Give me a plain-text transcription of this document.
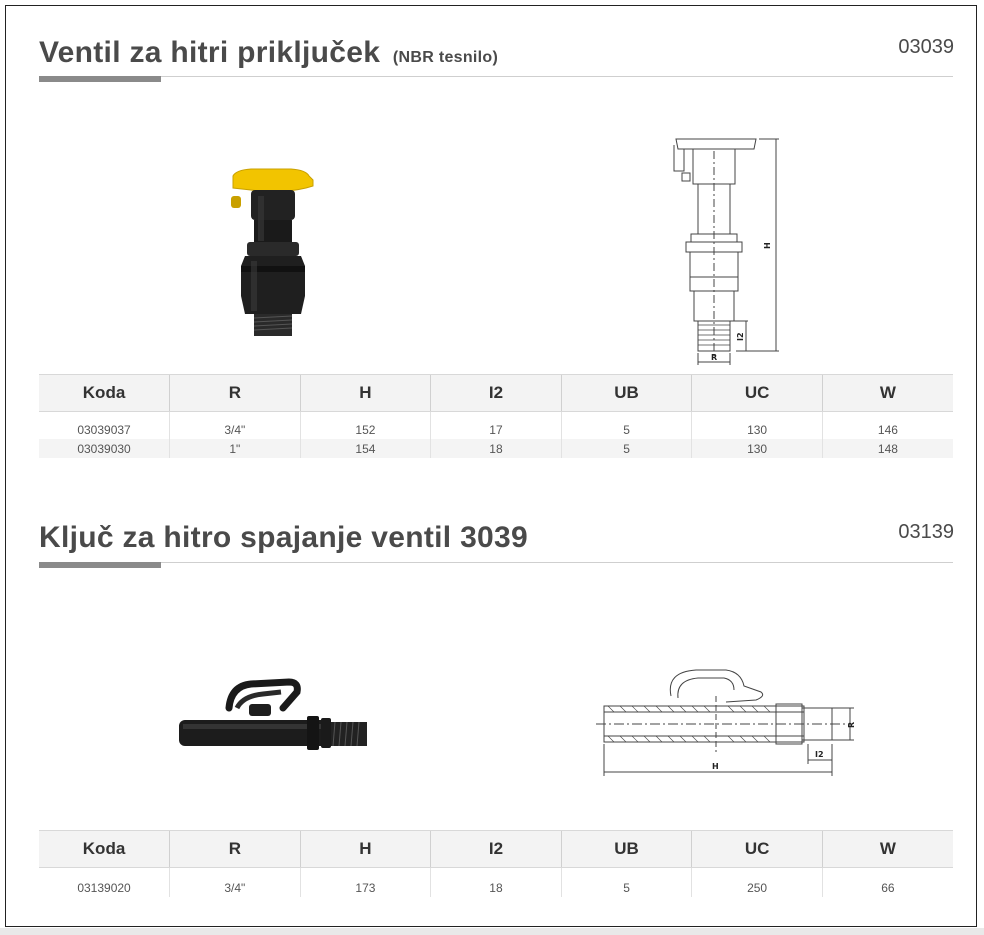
Ventil za hitri priključek (NBR tesnilo)	03039
H
I2
R
Koda	R	H	I2	UB	UC	W
03039037	3/4"	152	17	5	130	146
03039030	1"	154	18	5	130	148
Ključ za hitro spajanje ventil 3039	03139
R
I2
H
Koda	R	H	I2	UB	UC	W
03139020	3/4"	173	18	5	250	66
